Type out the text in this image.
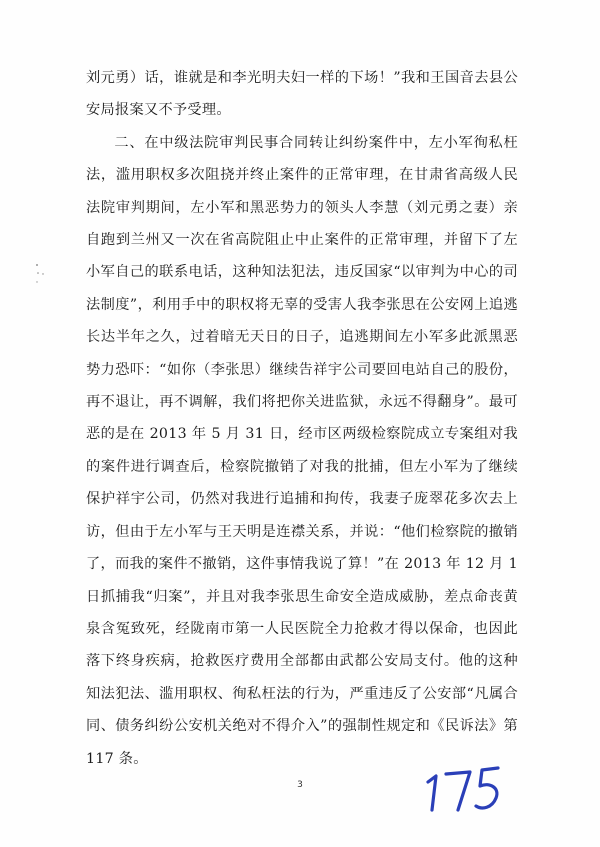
刘元勇）话，谁就是和李光明夫妇一样的下场！”我和王国音去县公安局报案又不予受理。

二、在中级法院审判民事合同转让纠纷案件中，左小军徇私枉法，滥用职权多次阻挠并终止案件的正常审理，在甘肃省高级人民法院审判期间，左小军和黑恶势力的领头人李慧（刘元勇之妻）亲自跑到兰州又一次在省高院阻止中止案件的正常审理，并留下了左小军自己的联系电话，这种知法犯法，违反国家“以审判为中心的司法制度”，利用手中的职权将无辜的受害人我李张思在公安网上追逃长达半年之久，过着暗无天日的日子，追逃期间左小军多此派黑恶势力恐吓：“如你（李张思）继续告祥宇公司要回电站自己的股份，再不退让，再不调解，我们将把你关进监狱，永远不得翻身”。最可恶的是在 2013 年 5 月 31 日，经市区两级检察院成立专案组对我的案件进行调查后，检察院撤销了对我的批捕，但左小军为了继续保护祥宇公司，仍然对我进行追捕和拘传，我妻子庞翠花多次去上访，但由于左小军与王天明是连襟关系，并说：“他们检察院的撤销了，而我的案件不撤销，这件事情我说了算！”在 2013 年 12 月 1 日抓捕我“归案”，并且对我李张思生命安全造成威胁，差点命丧黄泉含冤致死，经陇南市第一人民医院全力抢救才得以保命，也因此落下终身疾病，抢救医疗费用全部都由武都公安局支付。他的这种知法犯法、滥用职权、徇私枉法的行为，严重违反了公安部“凡属合同、债务纠纷公安机关绝对不得介入”的强制性规定和《民诉法》第 117 条。

3
